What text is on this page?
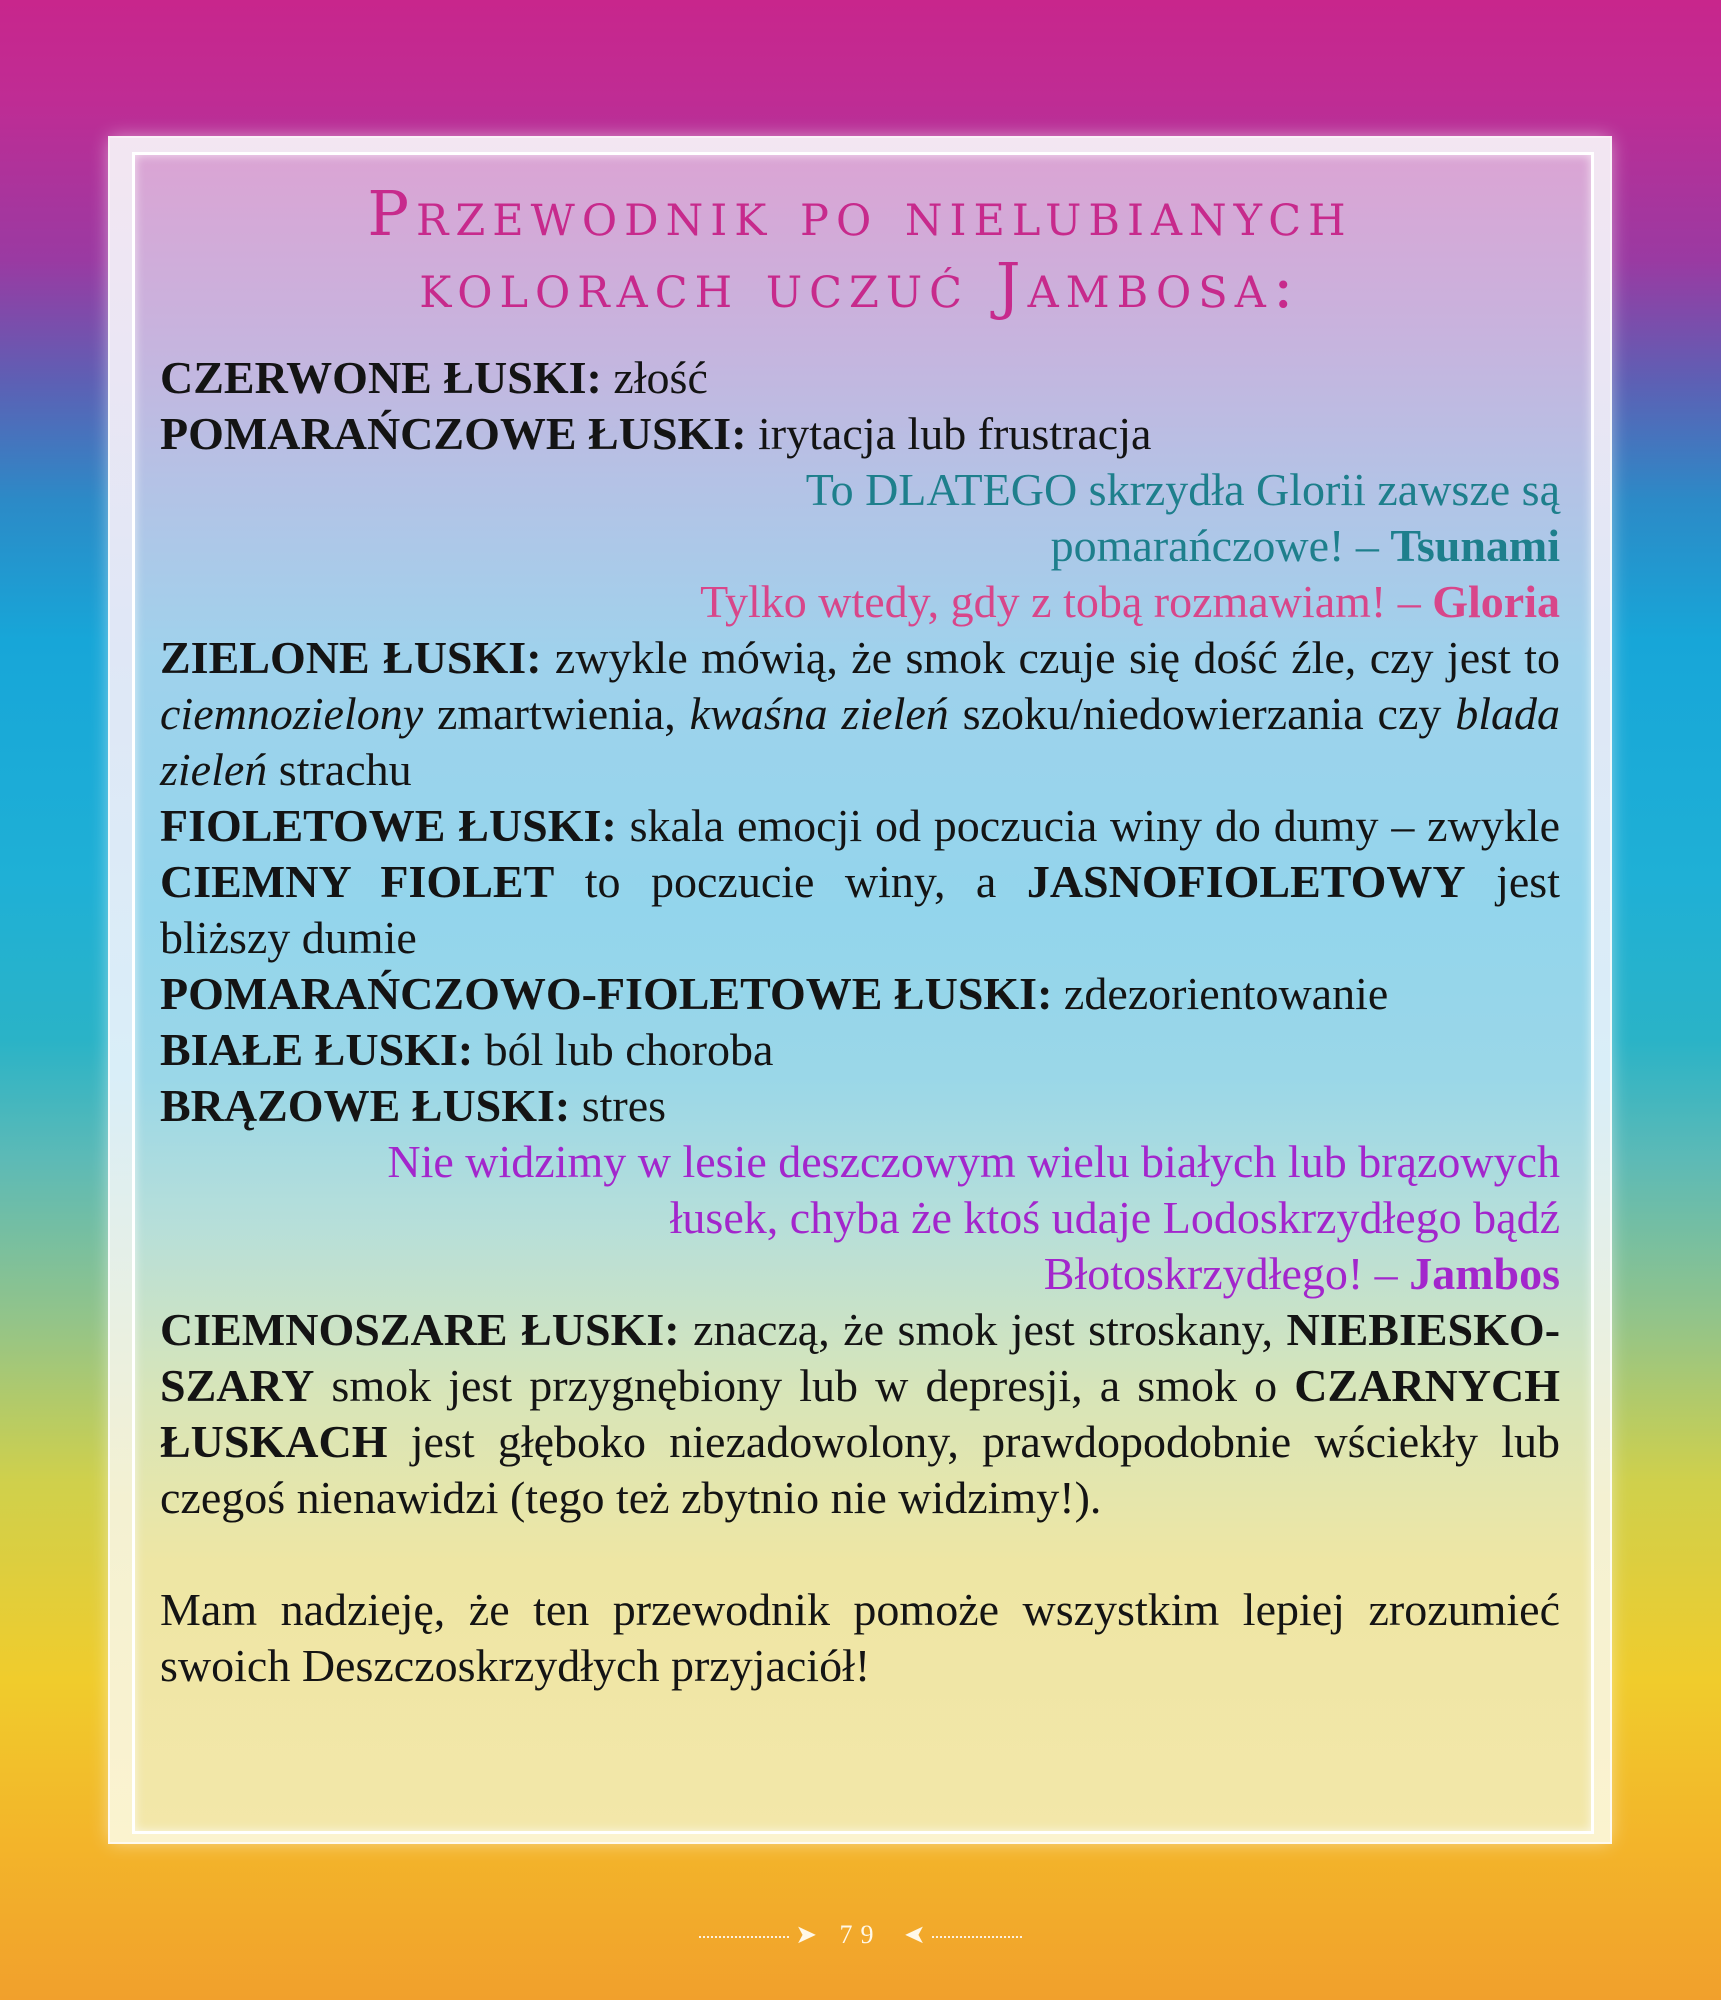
Przewodnik po nielubianych
kolorach uczuć Jambosa:

CZERWONE ŁUSKI: złość

POMARAŃCZOWE ŁUSKI: irytacja lub frustracja

To DLATEGO skrzydła Glorii zawsze są
pomarańczowe! – Tsunami

Tylko wtedy, gdy z tobą rozmawiam! – Gloria

ZIELONE ŁUSKI: zwykle mówią, że smok czuje się dość źle, czy jest to ciemnozielony zmartwienia, kwaśna zieleń szoku/niedowierzania czy blada zieleń strachu

FIOLETOWE ŁUSKI: skala emocji od poczucia winy do dumy – zwykle CIEMNY FIOLET to poczucie winy, a JASNOFIOLETOWY jest bliższy dumie

POMARAŃCZOWO-FIOLETOWE ŁUSKI: zdezorientowanie

BIAŁE ŁUSKI: ból lub choroba

BRĄZOWE ŁUSKI: stres

Nie widzimy w lesie deszczowym wielu białych lub brązowych
łusek, chyba że ktoś udaje Lodoskrzydłego bądź
Błotoskrzydłego! – Jambos

CIEMNOSZARE ŁUSKI: znaczą, że smok jest stroskany, NIEBIESKO-SZARY smok jest przygnębiony lub w depresji, a smok o CZARNYCH ŁUSKACH jest głęboko niezadowolony, prawdopodobnie wściekły lub czegoś nienawidzi (tego też zbytnio nie widzimy!).

Mam nadzieję, że ten przewodnik pomoże wszystkim lepiej zrozumieć swoich Deszczoskrzydłych przyjaciół!

➤ 79 ➤
